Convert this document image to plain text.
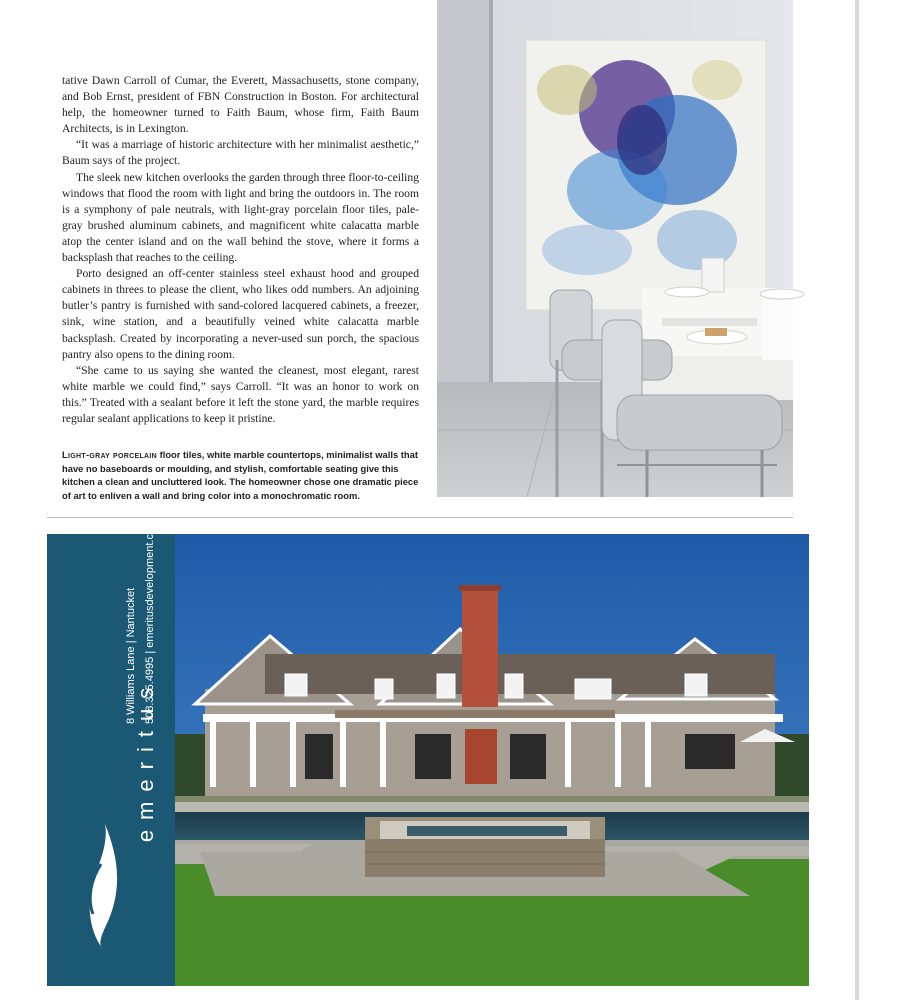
tative Dawn Carroll of Cumar, the Everett, Massachusetts, stone company, and Bob Ernst, president of FBN Construction in Boston. For architectural help, the homeowner turned to Faith Baum, whose firm, Faith Baum Architects, is in Lexington.

“It was a marriage of historic architecture with her minimalist aesthetic,” Baum says of the project.

The sleek new kitchen overlooks the garden through three floor-to-ceiling windows that flood the room with light and bring the outdoors in. The room is a symphony of pale neutrals, with light-gray porcelain floor tiles, pale-gray brushed aluminum cabinets, and magnificent white calacatta marble atop the center island and on the wall behind the stove, where it forms a backsplash that reaches to the ceiling.

Porto designed an off-center stainless steel exhaust hood and grouped cabinets in threes to please the client, who likes odd numbers. An adjoining butler’s pantry is furnished with sand-colored lacquered cabinets, a freezer, sink, wine station, and a beautifully veined white calacatta marble backsplash. Created by incorporating a never-used sun porch, the spacious pantry also opens to the dining room.

“She came to us saying she wanted the cleanest, most elegant, rarest white marble we could find,” says Carroll. “It was an honor to work on this.” Treated with a sealant before it left the stone yard, the marble requires regular sealant applications to keep it pristine.

Light-gray porcelain floor tiles, white marble countertops, minimalist walls that have no baseboards or moulding, and stylish, comfortable seating give this kitchen a clean and uncluttered look. The homeowner chose one dramatic piece of art to enliven a wall and bring color into a monochromatic room.
emeritus
8 Williams Lane | Nantucket 508.325.4995 | emeritusdevelopment.com
photo: Tom Olcott
